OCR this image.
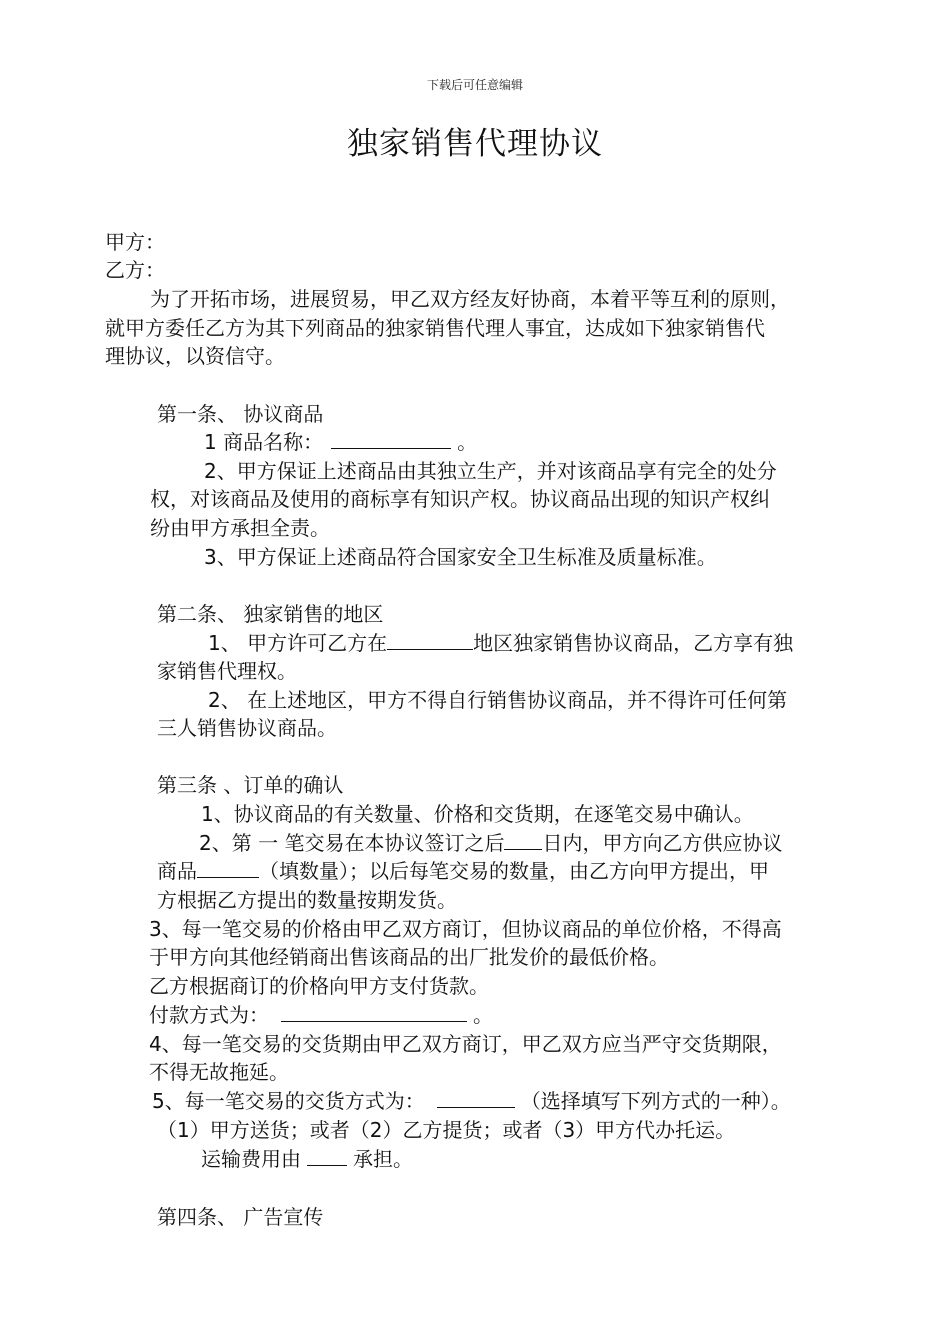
下载后可任意编辑
独家销售代理协议
甲方：
乙方：
为了开拓市场，进展贸易，甲乙双方经友好协商，本着平等互利的原则，
就甲方委任乙方为其下列商品的独家销售代理人事宜，达成如下独家销售代
理协议，以资信守。
第一条、 协议商品
1 商品名称：	。
2、甲方保证上述商品由其独立生产，并对该商品享有完全的处分
权，对该商品及使用的商标享有知识产权。协议商品出现的知识产权纠
纷由甲方承担全责。
3、甲方保证上述商品符合国家安全卫生标准及质量标准。
第二条、 独家销售的地区
1、 甲方许可乙方在	地区独家销售协议商品，乙方享有独
家销售代理权。
2、 在上述地区，甲方不得自行销售协议商品，并不得许可任何第
三人销售协议商品。
第三条 、订单的确认
1、协议商品的有关数量、价格和交货期，在逐笔交易中确认。
2、第 一 笔交易在本协议签订之后 日内，甲方向乙方供应协议
商品	（填数量）；以后每笔交易的数量，由乙方向甲方提出，甲
方根据乙方提出的数量按期发货。
3、每一笔交易的价格由甲乙双方商订，但协议商品的单位价格，不得高
于甲方向其他经销商出售该商品的出厂批发价的最低价格。
乙方根据商订的价格向甲方支付货款。
付款方式为：	。
4、每一笔交易的交货期由甲乙双方商订，甲乙双方应当严守交货期限，
不得无故拖延。
5、每一笔交易的交货方式为：	（选择填写下列方式的一种）。
（1）甲方送货；或者（2）乙方提货；或者（3）甲方代办托运。
运输费用由	承担。
第四条、 广告宣传
